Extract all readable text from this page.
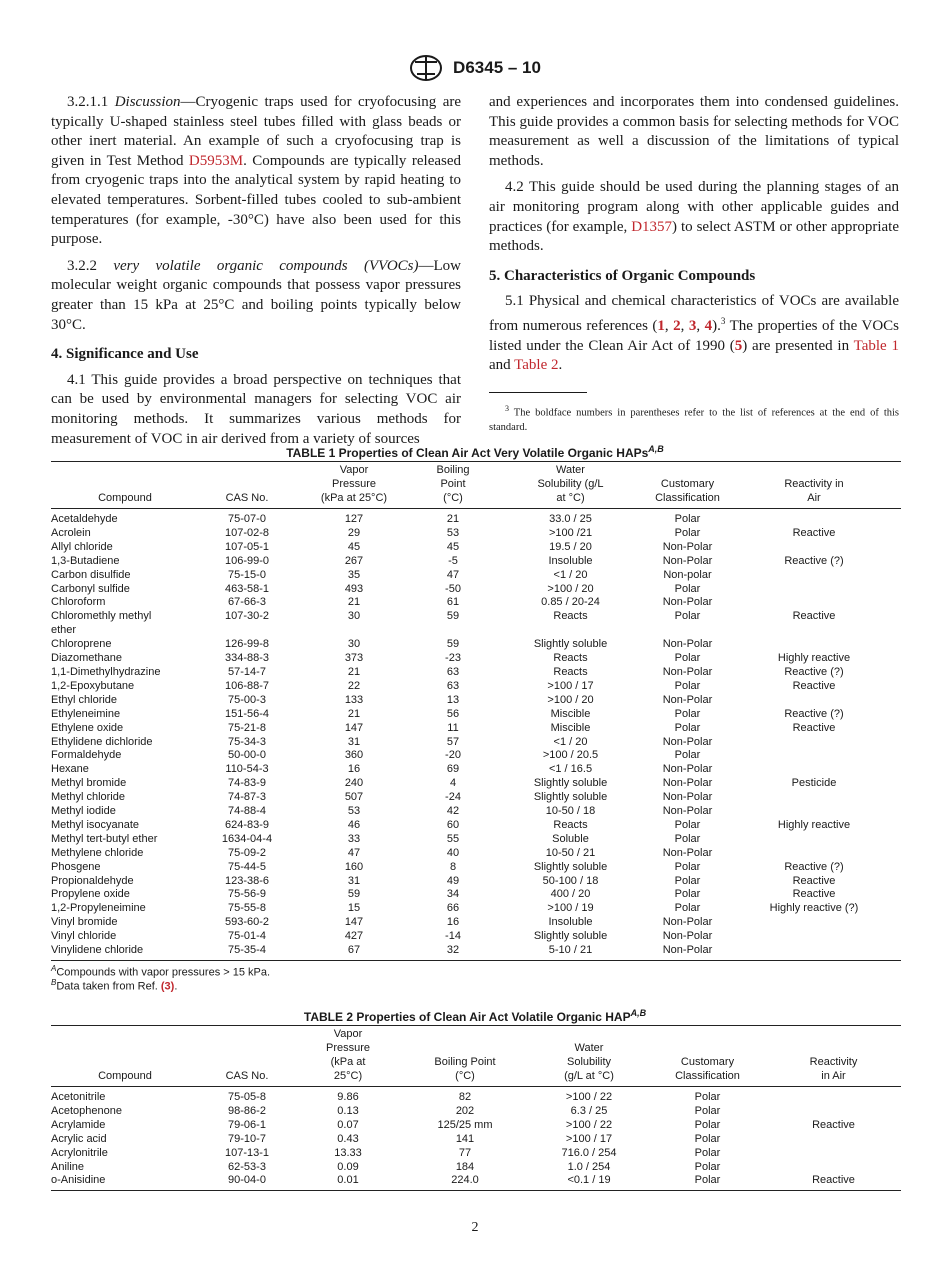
D6345 – 10

3.2.1.1 Discussion—Cryogenic traps used for cryofocusing are typically U-shaped stainless steel tubes filled with glass beads or other inert material. An example of such a cryofocusing trap is given in Test Method D5953M. Compounds are typically released from cryogenic traps into the analytical system by rapid heating to elevated temperatures. Sorbent-filled tubes cooled to sub-ambient temperatures (for example, -30°C) have also been used for this purpose.

3.2.2 very volatile organic compounds (VVOCs)—Low molecular weight organic compounds that possess vapor pressures greater than 15 kPa at 25°C and boiling points typically below 30°C.

4. Significance and Use

4.1 This guide provides a broad perspective on techniques that can be used by environmental managers for selecting VOC air monitoring methods. It summarizes various methods for measurement of VOC in air derived from a variety of sources

and experiences and incorporates them into condensed guidelines. This guide provides a common basis for selecting methods for VOC measurement as well a discussion of the limitations of typical methods.

4.2 This guide should be used during the planning stages of an air monitoring program along with other applicable guides and practices (for example, D1357) to select ASTM or other appropriate methods.

5. Characteristics of Organic Compounds

5.1 Physical and chemical characteristics of VOCs are available from numerous references (1, 2, 3, 4).$^3$ The properties of the VOCs listed under the Clean Air Act of 1990 (5) are presented in Table 1 and Table 2.

$^3$ The boldface numbers in parentheses refer to the list of references at the end of this standard.
TABLE 1 Properties of Clean Air Act Very Volatile Organic HAPs$^{A,B}$
Compound	CAS No.	Vapor
Pressure
(kPa at 25°C)	Boiling
Point
(°C)	Water
Solubility (g/L
at °C)	Customary
Classification	Reactivity in
Air
Acetaldehyde	75-07-0	127	21	33.0 / 25	Polar	
Acrolein	107-02-8	29	53	>100 /21	Polar	Reactive
Allyl chloride	107-05-1	45	45	19.5 / 20	Non-Polar	
1,3-Butadiene	106-99-0	267	-5	Insoluble	Non-Polar	Reactive (?)
Carbon disulfide	75-15-0	35	47	<1 / 20	Non-polar	
Carbonyl sulfide	463-58-1	493	-50	>100 / 20	Polar	
Chloroform	67-66-3	21	61	0.85 / 20-24	Non-Polar	
Chloromethly methyl
ether	107-30-2	30	59	Reacts	Polar	Reactive
Chloroprene	126-99-8	30	59	Slightly soluble	Non-Polar	
Diazomethane	334-88-3	373	-23	Reacts	Polar	Highly reactive
1,1-Dimethylhydrazine	57-14-7	21	63	Reacts	Non-Polar	Reactive (?)
1,2-Epoxybutane	106-88-7	22	63	>100 / 17	Polar	Reactive
Ethyl chloride	75-00-3	133	13	>100 / 20	Non-Polar	
Ethyleneimine	151-56-4	21	56	Miscible	Polar	Reactive (?)
Ethylene oxide	75-21-8	147	11	Miscible	Polar	Reactive
Ethylidene dichloride	75-34-3	31	57	<1 / 20	Non-Polar	
Formaldehyde	50-00-0	360	-20	>100 / 20.5	Polar	
Hexane	110-54-3	16	69	<1 / 16.5	Non-Polar	
Methyl bromide	74-83-9	240	4	Slightly soluble	Non-Polar	Pesticide
Methyl chloride	74-87-3	507	-24	Slightly soluble	Non-Polar	
Methyl iodide	74-88-4	53	42	10-50 / 18	Non-Polar	
Methyl isocyanate	624-83-9	46	60	Reacts	Polar	Highly reactive
Methyl tert-butyl ether	1634-04-4	33	55	Soluble	Polar	
Methylene chloride	75-09-2	47	40	10-50 / 21	Non-Polar	
Phosgene	75-44-5	160	8	Slightly soluble	Polar	Reactive (?)
Propionaldehyde	123-38-6	31	49	50-100 / 18	Polar	Reactive
Propylene oxide	75-56-9	59	34	400 / 20	Polar	Reactive
1,2-Propyleneimine	75-55-8	15	66	>100 / 19	Polar	Highly reactive (?)
Vinyl bromide	593-60-2	147	16	Insoluble	Non-Polar	
Vinyl chloride	75-01-4	427	-14	Slightly soluble	Non-Polar	
Vinylidene chloride	75-35-4	67	32	5-10 / 21	Non-Polar	
$^A$Compounds with vapor pressures > 15 kPa.
$^B$Data taken from Ref. (3).
TABLE 2 Properties of Clean Air Act Volatile Organic $HAP^{A,B}$
Compound	CAS No.	Vapor
Pressure
(kPa at
25°C)	Boiling Point
(°C)	Water
Solubility
(g/L at °C)	Customary
Classification	Reactivity
in Air
Acetonitrile	75-05-8	9.86	82	>100 / 22	Polar	
Acetophenone	98-86-2	0.13	202	6.3 / 25	Polar	
Acrylamide	79-06-1	0.07	125/25 mm	>100 / 22	Polar	Reactive
Acrylic acid	79-10-7	0.43	141	>100 / 17	Polar	
Acrylonitrile	107-13-1	13.33	77	716.0 / 254	Polar	
Aniline	62-53-3	0.09	184	1.0 / 254	Polar	
o-Anisidine	90-04-0	0.01	224.0	<0.1 / 19	Polar	Reactive
2
